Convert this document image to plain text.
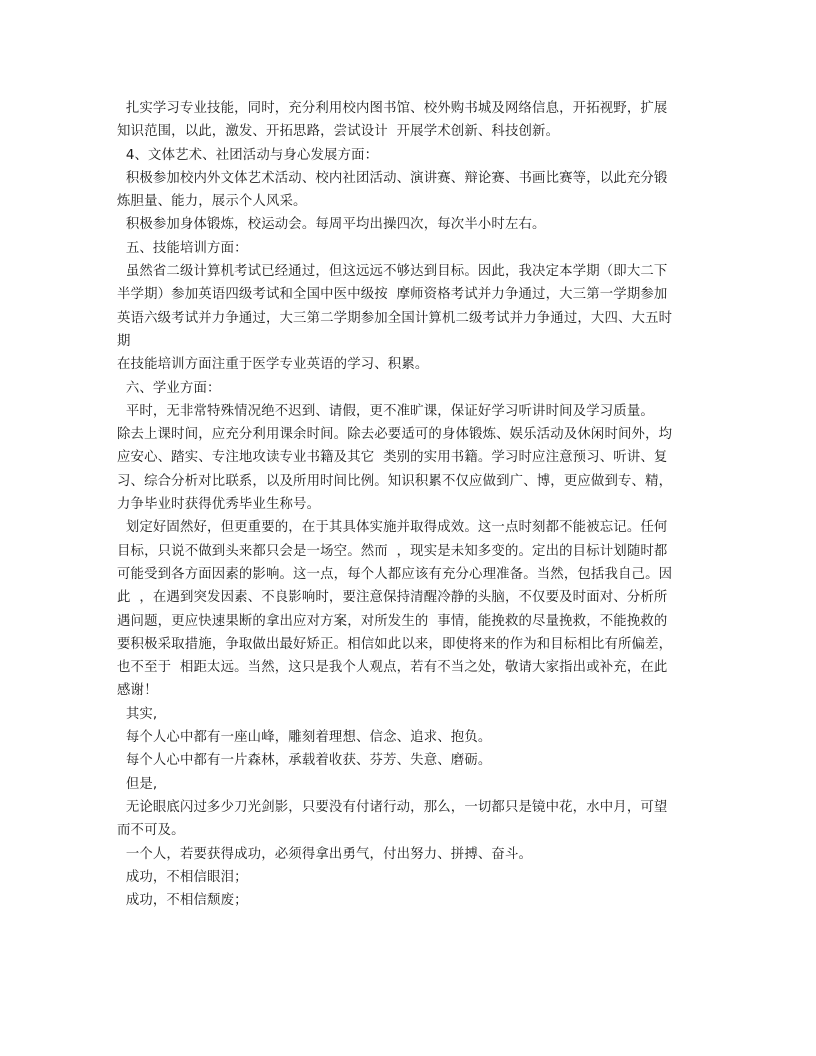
扎实学习专业技能，同时，充分利用校内图书馆、校外购书城及网络信息，开拓视野，扩展
知识范围，以此，激发、开拓思路，尝试设计  开展学术创新、科技创新。
4、文体艺术、社团活动与身心发展方面：
积极参加校内外文体艺术活动、校内社团活动、演讲赛、辩论赛、书画比赛等，以此充分锻
炼胆量、能力，展示个人风采。
积极参加身体锻炼，校运动会。每周平均出操四次，每次半小时左右。
五、技能培训方面：
虽然省二级计算机考试已经通过，但这远远不够达到目标。因此，我决定本学期（即大二下
半学期）参加英语四级考试和全国中医中级按  摩师资格考试并力争通过，大三第一学期参加
英语六级考试并力争通过，大三第二学期参加全国计算机二级考试并力争通过，大四、大五时
期
在技能培训方面注重于医学专业英语的学习、积累。
六、学业方面：
平时，无非常特殊情况绝不迟到、请假，更不准旷课，保证好学习听讲时间及学习质量。
除去上课时间，应充分利用课余时间。除去必要适可的身体锻炼、娱乐活动及休闲时间外，均
应安心、踏实、专注地攻读专业书籍及其它  类别的实用书籍。学习时应注意预习、听讲、复
习、综合分析对比联系，以及所用时间比例。知识积累不仅应做到广、博，更应做到专、精，
力争毕业时获得优秀毕业生称号。
划定好固然好，但更重要的，在于其具体实施并取得成效。这一点时刻都不能被忘记。任何
目标，只说不做到头来都只会是一场空。然而  ，现实是未知多变的。定出的目标计划随时都
可能受到各方面因素的影响。这一点，每个人都应该有充分心理准备。当然，包括我自己。因
此  ，在遇到突发因素、不良影响时，要注意保持清醒冷静的头脑，不仅要及时面对、分析所
遇问题，更应快速果断的拿出应对方案，对所发生的  事情，能挽救的尽量挽救，不能挽救的
要积极采取措施，争取做出最好矫正。相信如此以来，即使将来的作为和目标相比有所偏差，
也不至于  相距太远。当然，这只是我个人观点，若有不当之处，敬请大家指出或补充，在此
感谢！
其实,
每个人心中都有一座山峰，雕刻着理想、信念、追求、抱负。
每个人心中都有一片森林，承载着收获、芬芳、失意、磨砺。
但是,
无论眼底闪过多少刀光剑影，只要没有付诸行动，那么，一切都只是镜中花，水中月，可望
而不可及。
一个人，若要获得成功，必须得拿出勇气，付出努力、拼搏、奋斗。
成功，不相信眼泪；
成功，不相信颓废；
